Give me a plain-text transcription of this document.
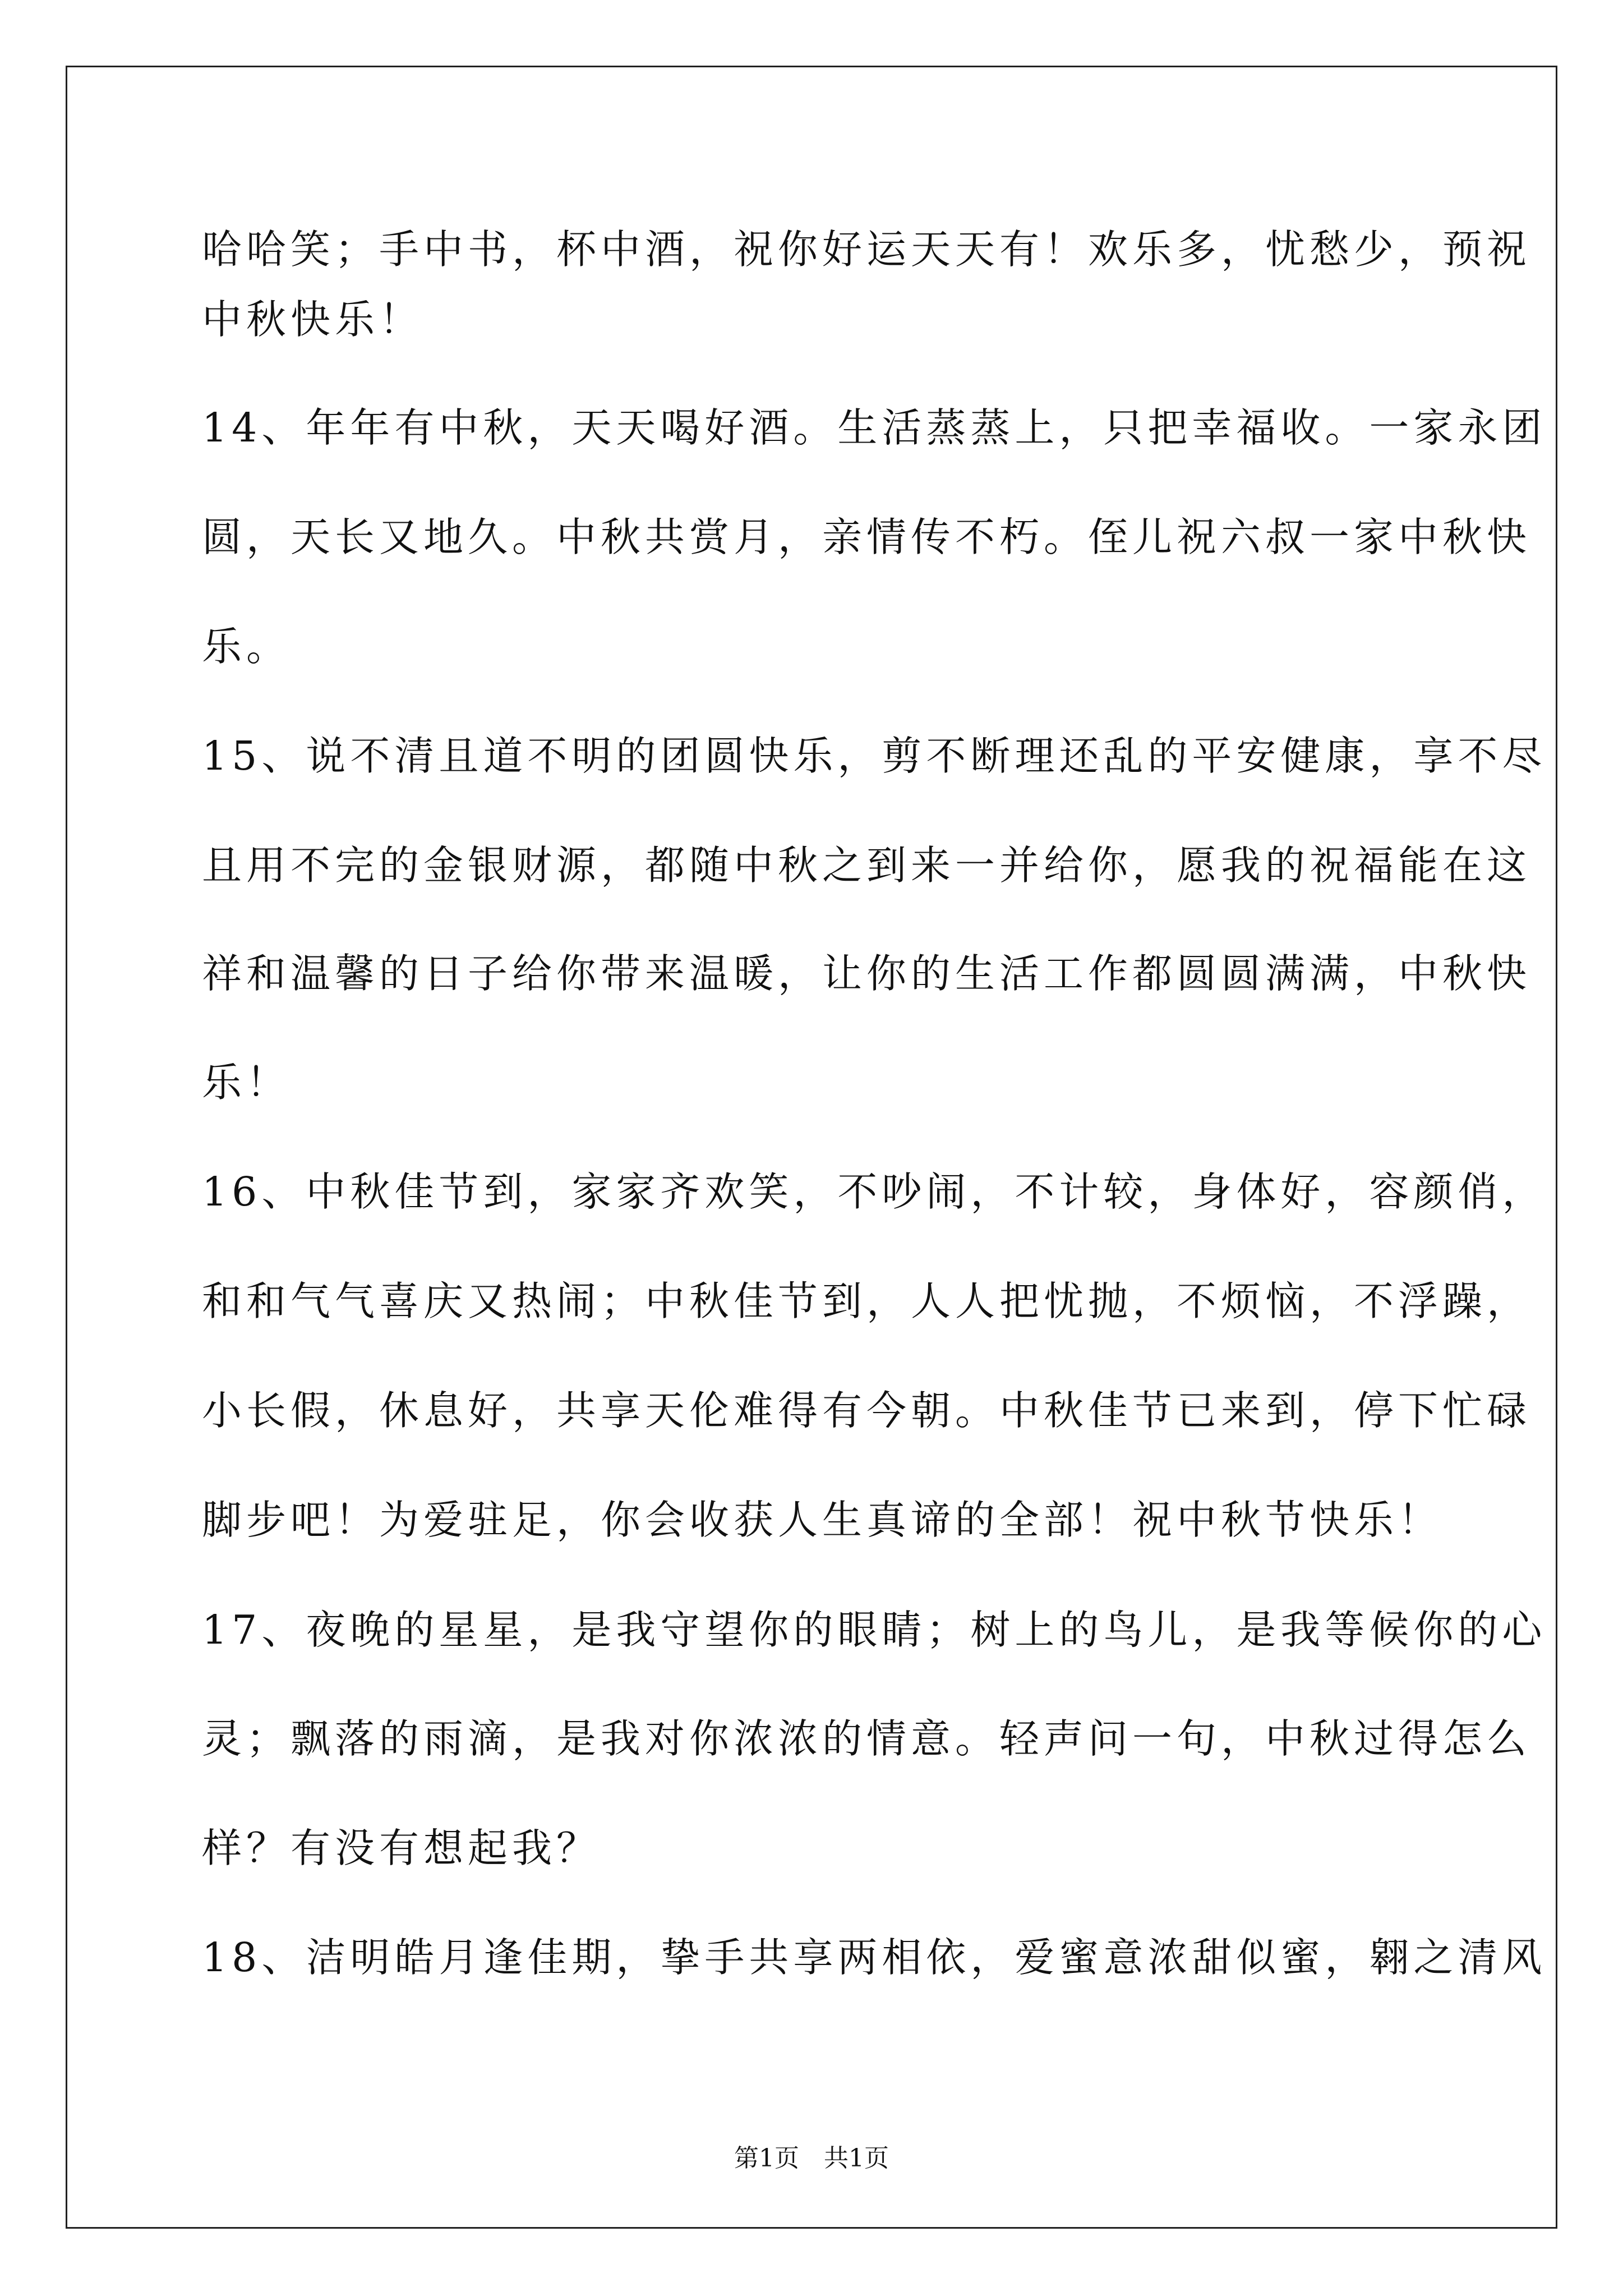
哈哈笑；手中书，杯中酒，祝你好运天天有！欢乐多，忧愁少，预祝
中秋快乐！
14、年年有中秋，天天喝好酒。生活蒸蒸上，只把幸福收。一家永团
圆，天长又地久。中秋共赏月，亲情传不朽。侄儿祝六叔一家中秋快
乐。
15、说不清且道不明的团圆快乐，剪不断理还乱的平安健康，享不尽
且用不完的金银财源，都随中秋之到来一并给你，愿我的祝福能在这
祥和温馨的日子给你带来温暖，让你的生活工作都圆圆满满，中秋快
乐！
16、中秋佳节到，家家齐欢笑，不吵闹，不计较，身体好，容颜俏，
和和气气喜庆又热闹；中秋佳节到，人人把忧抛，不烦恼，不浮躁，
小长假，休息好，共享天伦难得有今朝。中秋佳节已来到，停下忙碌
脚步吧！为爱驻足，你会收获人生真谛的全部！祝中秋节快乐！
17、夜晚的星星，是我守望你的眼睛；树上的鸟儿，是我等候你的心
灵；飘落的雨滴，是我对你浓浓的情意。轻声问一句，中秋过得怎么
样？有没有想起我？
18、洁明皓月逢佳期，挚手共享两相依，爱蜜意浓甜似蜜，翱之清风
第1页　共1页
